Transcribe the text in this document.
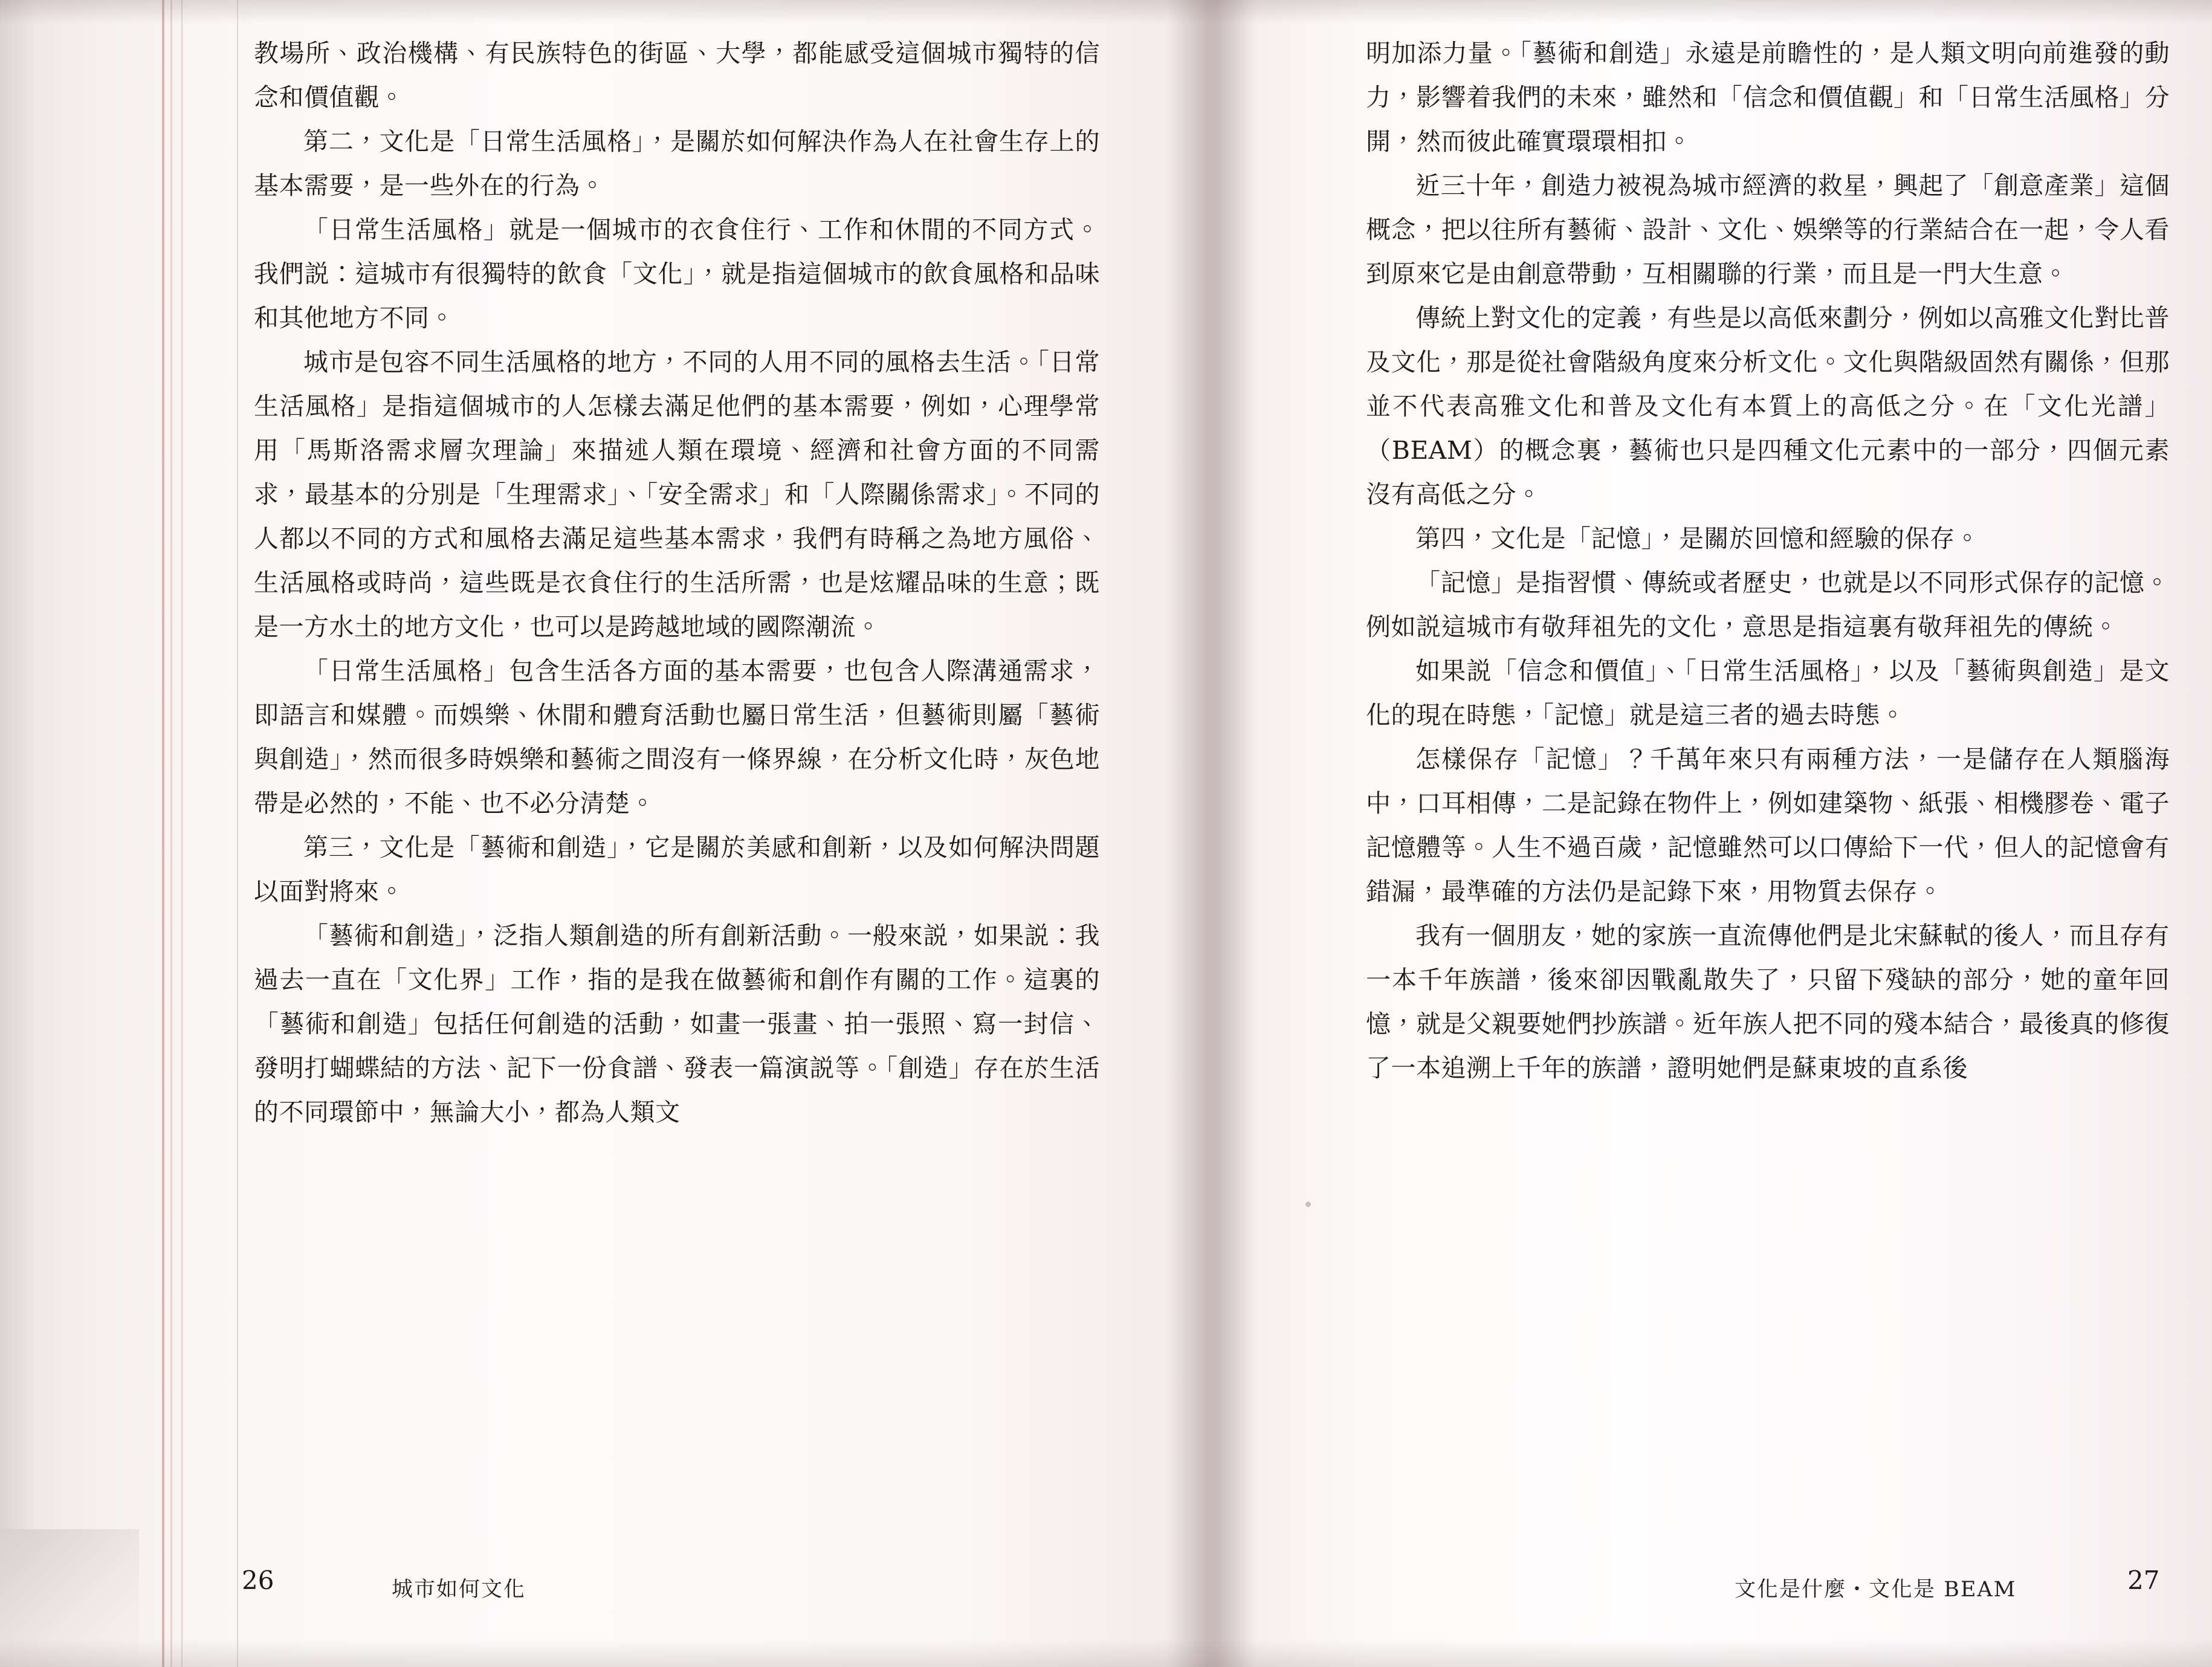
教場所、政治機構、有民族特色的街區、大學，都能感受這個城市獨特的信念和價值觀。

第二，文化是「日常生活風格」，是關於如何解決作為人在社會生存上的基本需要，是一些外在的行為。

「日常生活風格」就是一個城市的衣食住行、工作和休閒的不同方式。我們説：這城市有很獨特的飲食「文化」，就是指這個城市的飲食風格和品味和其他地方不同。

城市是包容不同生活風格的地方，不同的人用不同的風格去生活。「日常生活風格」是指這個城市的人怎樣去滿足他們的基本需要，例如，心理學常用「馬斯洛需求層次理論」來描述人類在環境、經濟和社會方面的不同需求，最基本的分別是「生理需求」、「安全需求」和「人際關係需求」。不同的人都以不同的方式和風格去滿足這些基本需求，我們有時稱之為地方風俗、生活風格或時尚，這些既是衣食住行的生活所需，也是炫耀品味的生意；既是一方水土的地方文化，也可以是跨越地域的國際潮流。

「日常生活風格」包含生活各方面的基本需要，也包含人際溝通需求，即語言和媒體。而娛樂、休閒和體育活動也屬日常生活，但藝術則屬「藝術與創造」，然而很多時娛樂和藝術之間沒有一條界線，在分析文化時，灰色地帶是必然的，不能、也不必分清楚。

第三，文化是「藝術和創造」，它是關於美感和創新，以及如何解決問題以面對將來。

「藝術和創造」，泛指人類創造的所有創新活動。一般來説，如果説：我過去一直在「文化界」工作，指的是我在做藝術和創作有關的工作。這裏的「藝術和創造」包括任何創造的活動，如畫一張畫、拍一張照、寫一封信、發明打蝴蝶結的方法、記下一份食譜、發表一篇演説等。「創造」存在於生活的不同環節中，無論大小，都為人類文

明加添力量。「藝術和創造」永遠是前瞻性的，是人類文明向前進發的動力，影響着我們的未來，雖然和「信念和價值觀」和「日常生活風格」分開，然而彼此確實環環相扣。

近三十年，創造力被視為城市經濟的救星，興起了「創意產業」這個概念，把以往所有藝術、設計、文化、娛樂等的行業結合在一起，令人看到原來它是由創意帶動，互相關聯的行業，而且是一門大生意。

傳統上對文化的定義，有些是以高低來劃分，例如以高雅文化對比普及文化，那是從社會階級角度來分析文化。文化與階級固然有關係，但那並不代表高雅文化和普及文化有本質上的高低之分。在「文化光譜」（BEAM）的概念裏，藝術也只是四種文化元素中的一部分，四個元素沒有高低之分。

第四，文化是「記憶」，是關於回憶和經驗的保存。

「記憶」是指習慣、傳統或者歷史，也就是以不同形式保存的記憶。例如説這城市有敬拜祖先的文化，意思是指這裏有敬拜祖先的傳統。

如果説「信念和價值」、「日常生活風格」，以及「藝術與創造」是文化的現在時態，「記憶」就是這三者的過去時態。

怎樣保存「記憶」？千萬年來只有兩種方法，一是儲存在人類腦海中，口耳相傳，二是記錄在物件上，例如建築物、紙張、相機膠卷、電子記憶體等。人生不過百歲，記憶雖然可以口傳給下一代，但人的記憶會有錯漏，最準確的方法仍是記錄下來，用物質去保存。

我有一個朋友，她的家族一直流傳他們是北宋蘇軾的後人，而且存有一本千年族譜，後來卻因戰亂散失了，只留下殘缺的部分，她的童年回憶，就是父親要她們抄族譜。近年族人把不同的殘本結合，最後真的修復了一本追溯上千年的族譜，證明她們是蘇東坡的直系後

26	城市如何文化	文化是什麼・文化是 BEAM	27
